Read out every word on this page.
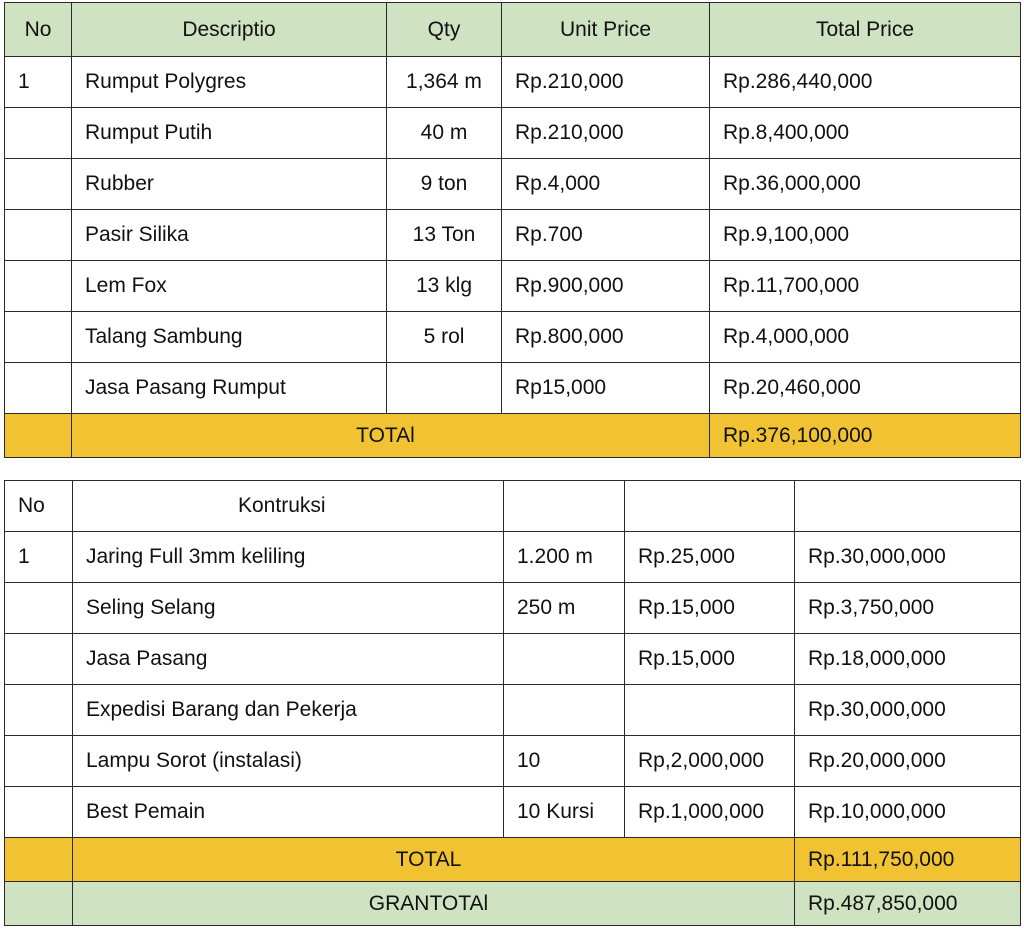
No	Descriptio	Qty	Unit Price	Total Price
1	Rumput Polygres	1,364 m	Rp.210,000	Rp.286,440,000
	Rumput Putih	40 m	Rp.210,000	Rp.8,400,000
	Rubber	9 ton	Rp.4,000	Rp.36,000,000
	Pasir Silika	13 Ton	Rp.700	Rp.9,100,000
	Lem Fox	13 klg	Rp.900,000	Rp.11,700,000
	Talang Sambung	5 rol	Rp.800,000	Rp.4,000,000
	Jasa Pasang Rumput		Rp15,000	Rp.20,460,000
	TOTAl			Rp.376,100,000
No	Kontruksi			
1	Jaring Full 3mm keliling	1.200 m	Rp.25,000	Rp.30,000,000
	Seling Selang	250 m	Rp.15,000	Rp.3,750,000
	Jasa Pasang		Rp.15,000	Rp.18,000,000
	Expedisi Barang dan Pekerja			Rp.30,000,000
	Lampu Sorot (instalasi)	10	Rp,2,000,000	Rp.20,000,000
	Best Pemain	10 Kursi	Rp.1,000,000	Rp.10,000,000
	TOTAL			Rp.111,750,000
	GRANTOTAl			Rp.487,850,000
